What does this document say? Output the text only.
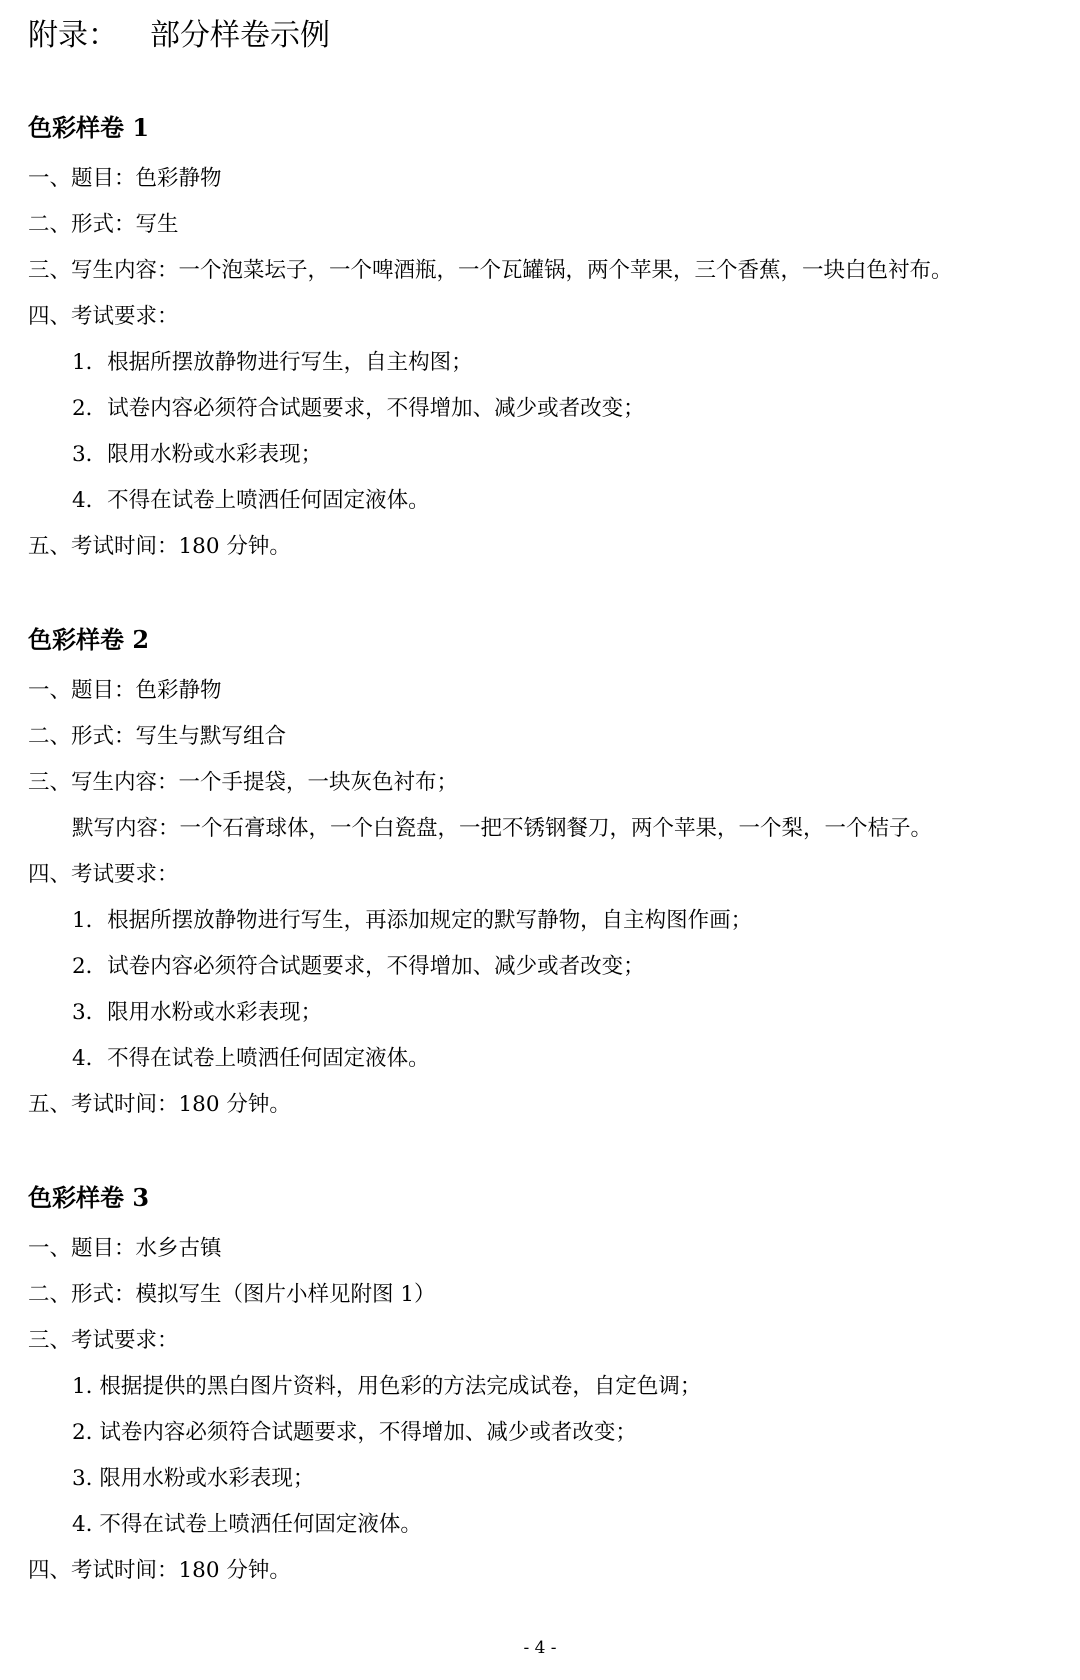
附录： 部分样卷示例
色彩样卷 1
一、题目：色彩静物
二、形式：写生
三、写生内容：一个泡菜坛子，一个啤酒瓶，一个瓦罐锅，两个苹果，三个香蕉，一块白色衬布。
四、考试要求：
1．根据所摆放静物进行写生，自主构图；
2．试卷内容必须符合试题要求，不得增加、减少或者改变；
3．限用水粉或水彩表现；
4．不得在试卷上喷洒任何固定液体。
五、考试时间：180 分钟。
色彩样卷 2
一、题目：色彩静物
二、形式：写生与默写组合
三、写生内容：一个手提袋，一块灰色衬布；
默写内容：一个石膏球体，一个白瓷盘，一把不锈钢餐刀，两个苹果，一个梨，一个桔子。
四、考试要求：
1．根据所摆放静物进行写生，再添加规定的默写静物，自主构图作画；
2．试卷内容必须符合试题要求，不得增加、减少或者改变；
3．限用水粉或水彩表现；
4．不得在试卷上喷洒任何固定液体。
五、考试时间：180 分钟。
色彩样卷 3
一、题目：水乡古镇
二、形式：模拟写生（图片小样见附图 1）
三、考试要求：
1. 根据提供的黑白图片资料，用色彩的方法完成试卷，自定色调；
2. 试卷内容必须符合试题要求，不得增加、减少或者改变；
3. 限用水粉或水彩表现；
4. 不得在试卷上喷洒任何固定液体。
四、考试时间：180 分钟。
- 4 -
